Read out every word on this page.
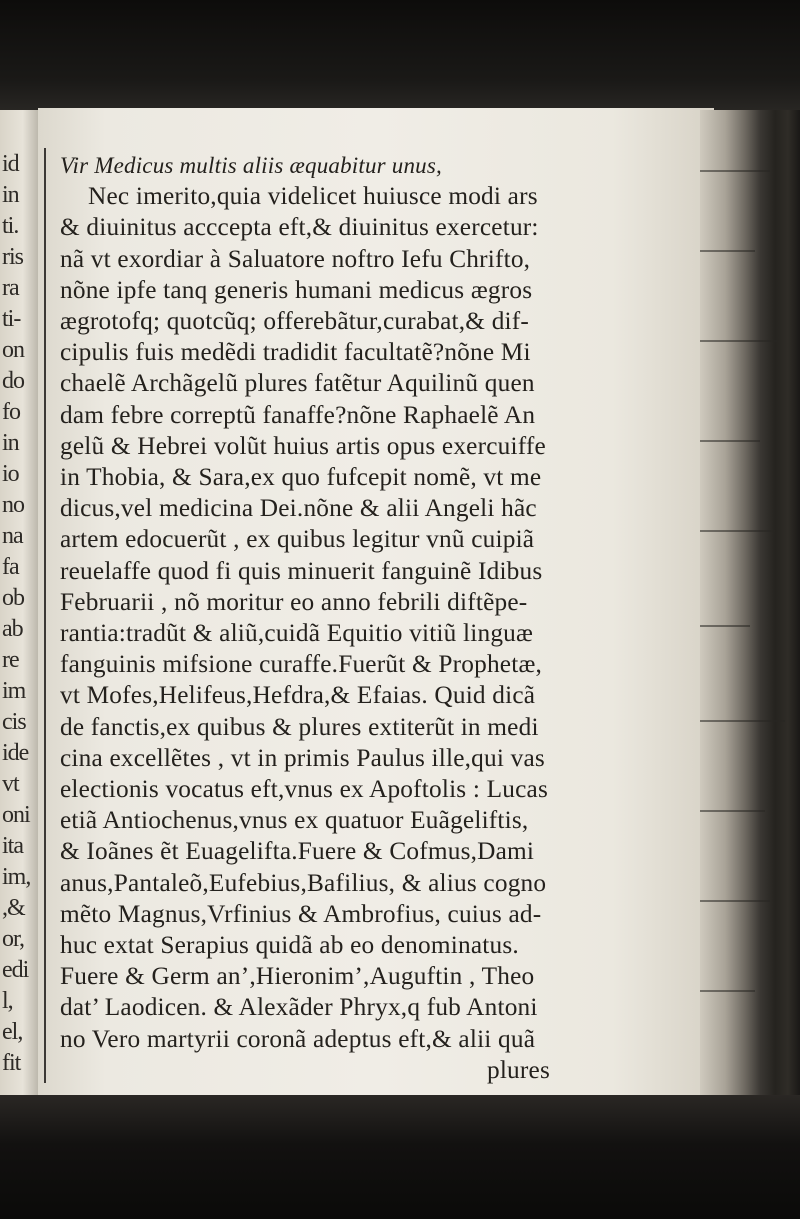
id
in
ti.
ris
ra
ti-
on
do
fo
in
io
no
na
fa
ob
ab
re
im
cis
ide
vt
oni
ita
im,
,&
or,
edi
l,
el,
fit
Vir Medicus multis aliis æquabitur unus,
Nec imerito,quia videlicet huiusce modi ars
& diuinitus acccepta eft,& diuinitus exercetur:
nã vt exordiar à Saluatore noftro Iefu Chrifto,
nõne ipfe tanq generis humani medicus ægros
ægrotofq; quotcũq; offerebãtur,curabat,& dif-
cipulis fuis medẽdi tradidit facultatẽ?nõne Mi
chaelẽ Archãgelũ plures fatẽtur Aquilinũ quen
dam febre correptũ fanaffe?nõne Raphaelẽ An
gelũ & Hebrei volũt huius artis opus exercuiffe
in Thobia, & Sara,ex quo fufcepit nomẽ, vt me
dicus,vel medicina Dei.nõne & alii Angeli hãc
artem edocuerũt , ex quibus legitur vnũ cuipiã
reuelaffe quod fi quis minuerit fanguinẽ Idibus
Februarii , nõ moritur eo anno febrili diftẽpe-
rantia:tradũt & aliũ,cuidã Equitio vitiũ linguæ
fanguinis mifsione curaffe.Fuerũt & Prophetæ,
vt Mofes,Helifeus,Hefdra,& Efaias. Quid dicã
de fanctis,ex quibus & plures extiterũt in medi
cina excellẽtes , vt in primis Paulus ille,qui vas
electionis vocatus eft,vnus ex Apoftolis : Lucas
etiã Antiochenus,vnus ex quatuor Euãgeliftis,
& Ioãnes ẽt Euagelifta.Fuere & Cofmus,Dami
anus,Pantaleõ,Eufebius,Bafilius, & alius cogno
mẽto Magnus,Vrfinius & Ambrofius, cuius ad-
huc extat Serapius quidã ab eo denominatus.
Fuere & Germ an’,Hieronim’,Auguftin , Theo
dat’ Laodicen. & Alexãder Phryx,q fub Antoni
no Vero martyrii coronã adeptus eft,& alii quã
plures
